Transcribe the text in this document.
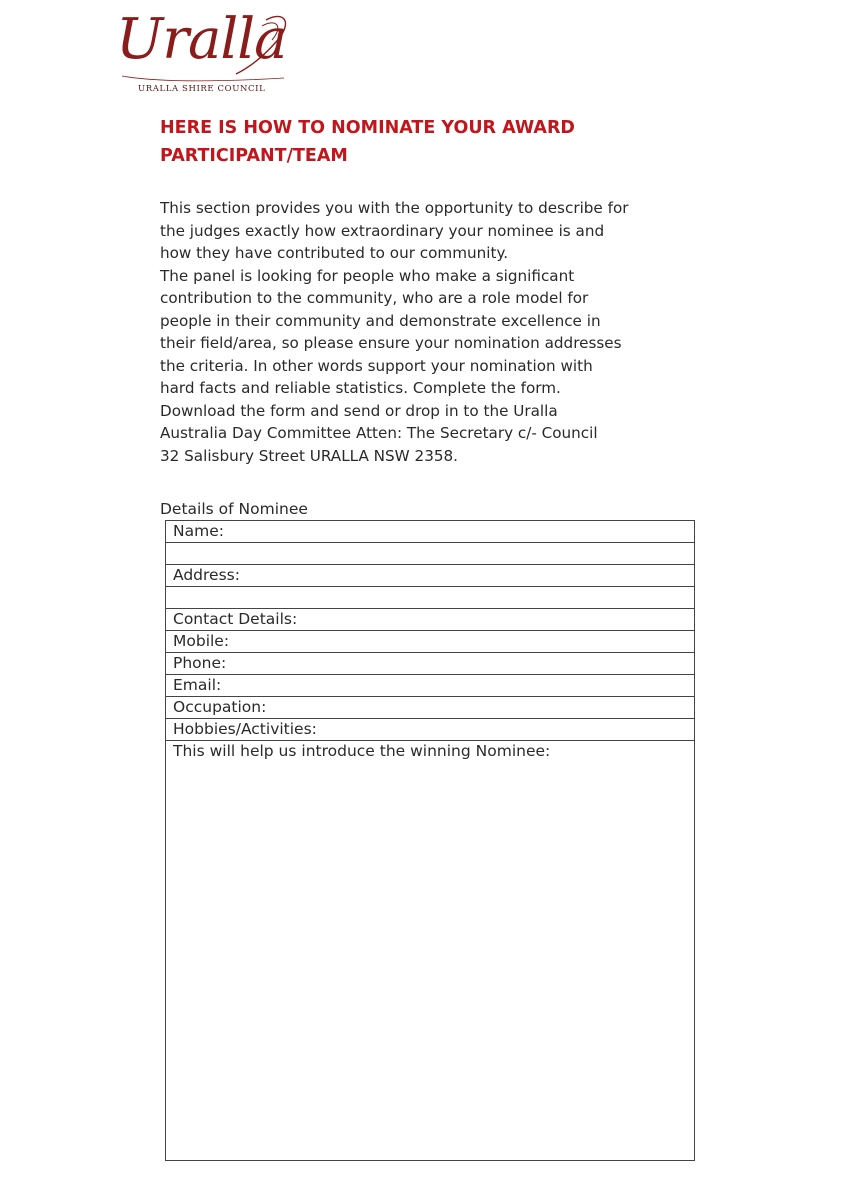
Uralla
URALLA SHIRE COUNCIL
HERE IS HOW TO NOMINATE YOUR AWARD
PARTICIPANT/TEAM

This section provides you with the opportunity to describe for
the judges exactly how extraordinary your nominee is and
how they have contributed to our community.

The panel is looking for people who make a significant
contribution to the community, who are a role model for
people in their community and demonstrate excellence in
their field/area, so please ensure your nomination addresses
the criteria. In other words support your nomination with
hard facts and reliable statistics. Complete the form.
Download the form and send or drop in to the Uralla
Australia Day Committee Atten: The Secretary c/- Council
32 Salisbury Street URALLA NSW 2358.

Details of Nominee
Name:

Address:

Contact Details:
Mobile:
Phone:
Email:
Occupation:
Hobbies/Activities:
This will help us introduce the winning Nominee:
